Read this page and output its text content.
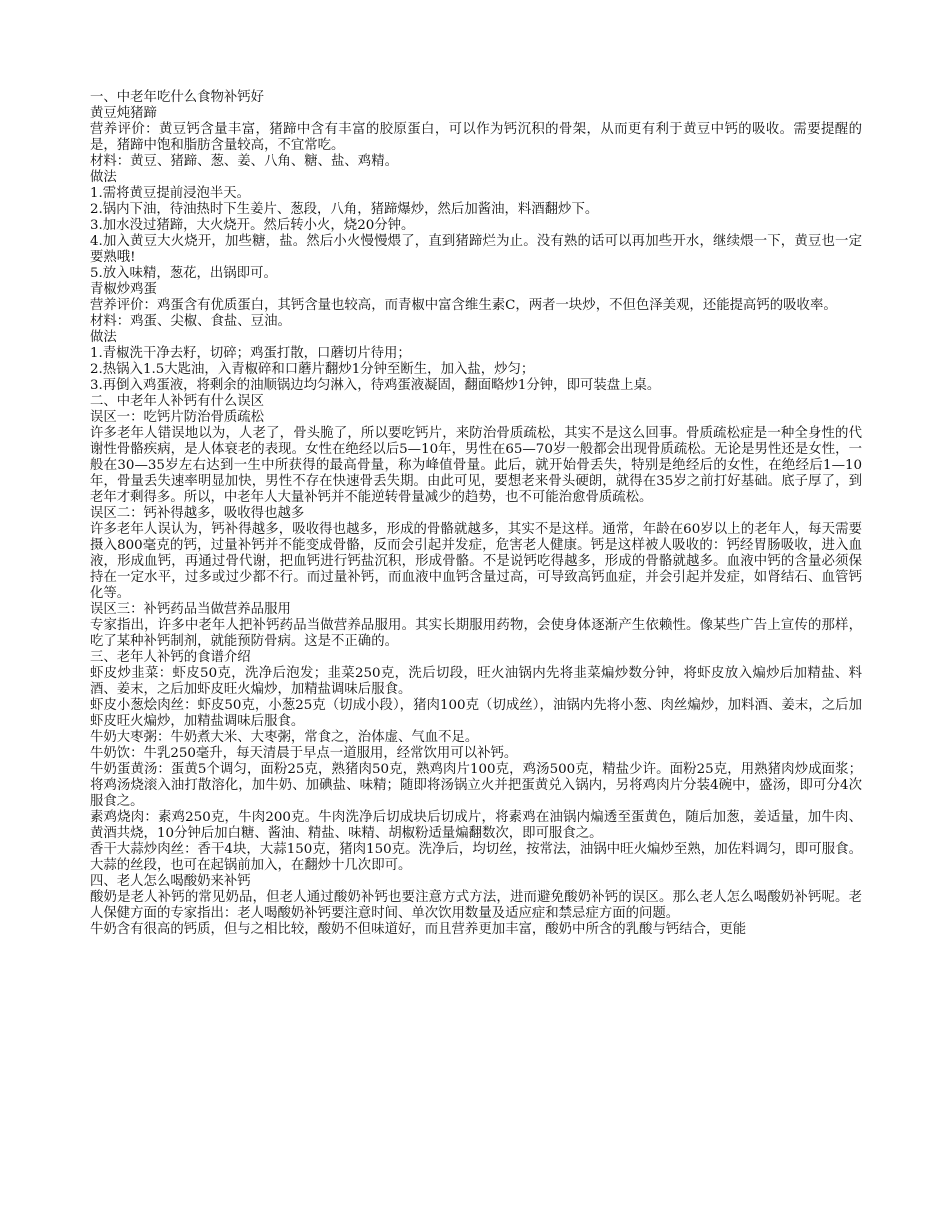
一、中老年吃什么食物补钙好

黄豆炖猪蹄

营养评价：黄豆钙含量丰富，猪蹄中含有丰富的胶原蛋白，可以作为钙沉积的骨架，从而更有利于黄豆中钙的吸收。需要提醒的是，猪蹄中饱和脂肪含量较高，不宜常吃。

材料：黄豆、猪蹄、葱、姜、八角、糖、盐、鸡精。

做法

1.需将黄豆提前浸泡半天。

2.锅内下油，待油热时下生姜片、葱段，八角，猪蹄爆炒，然后加酱油，料酒翻炒下。

3.加水没过猪蹄，大火烧开。然后转小火，烧20分钟。

4.加入黄豆大火烧开，加些糖，盐。然后小火慢慢煨了，直到猪蹄烂为止。没有熟的话可以再加些开水，继续煨一下，黄豆也一定要熟哦!

5.放入味精，葱花，出锅即可。

青椒炒鸡蛋

营养评价：鸡蛋含有优质蛋白，其钙含量也较高，而青椒中富含维生素C，两者一块炒，不但色泽美观，还能提高钙的吸收率。

材料：鸡蛋、尖椒、食盐、豆油。

做法

1.青椒洗干净去籽，切碎；鸡蛋打散，口蘑切片待用；

2.热锅入1.5大匙油，入青椒碎和口蘑片翻炒1分钟至断生，加入盐，炒匀；

3.再倒入鸡蛋液，将剩余的油顺锅边均匀淋入，待鸡蛋液凝固，翻面略炒1分钟，即可装盘上桌。

二、中老年人补钙有什么误区

误区一：吃钙片防治骨质疏松

许多老年人错误地以为，人老了，骨头脆了，所以要吃钙片，来防治骨质疏松，其实不是这么回事。骨质疏松症是一种全身性的代谢性骨骼疾病，是人体衰老的表现。女性在绝经以后5—10年，男性在65—70岁一般都会出现骨质疏松。无论是男性还是女性，一般在30—35岁左右达到一生中所获得的最高骨量，称为峰值骨量。此后，就开始骨丢失，特别是绝经后的女性，在绝经后1—10年，骨量丢失速率明显加快，男性不存在快速骨丢失期。由此可见，要想老来骨头硬朗，就得在35岁之前打好基础。底子厚了，到老年才剩得多。所以，中老年人大量补钙并不能逆转骨量减少的趋势，也不可能治愈骨质疏松。

误区二：钙补得越多，吸收得也越多

许多老年人误认为，钙补得越多，吸收得也越多，形成的骨骼就越多，其实不是这样。通常，年龄在60岁以上的老年人，每天需要摄入800毫克的钙，过量补钙并不能变成骨骼，反而会引起并发症，危害老人健康。钙是这样被人吸收的：钙经胃肠吸收，进入血液，形成血钙，再通过骨代谢，把血钙进行钙盐沉积，形成骨骼。不是说钙吃得越多，形成的骨骼就越多。血液中钙的含量必须保持在一定水平，过多或过少都不行。而过量补钙，而血液中血钙含量过高，可导致高钙血症，并会引起并发症，如肾结石、血管钙化等。

误区三：补钙药品当做营养品服用

专家指出，许多中老年人把补钙药品当做营养品服用。其实长期服用药物，会使身体逐渐产生依赖性。像某些广告上宣传的那样，吃了某种补钙制剂，就能预防骨病。这是不正确的。

三、老年人补钙的食谱介绍

虾皮炒韭菜：虾皮50克，洗净后泡发；韭菜250克，洗后切段，旺火油锅内先将韭菜煸炒数分钟，将虾皮放入煸炒后加精盐、料酒、姜末，之后加虾皮旺火煸炒，加精盐调味后服食。

虾皮小葱烩肉丝：虾皮50克，小葱25克（切成小段），猪肉100克（切成丝），油锅内先将小葱、肉丝煸炒，加料酒、姜末，之后加虾皮旺火煸炒，加精盐调味后服食。

牛奶大枣粥：牛奶煮大米、大枣粥，常食之，治体虚、气血不足。

牛奶饮：牛乳250毫升，每天清晨于早点一道服用，经常饮用可以补钙。

牛奶蛋黄汤：蛋黄5个调匀，面粉25克，熟猪肉50克，熟鸡肉片100克，鸡汤500克，精盐少许。面粉25克，用熟猪肉炒成面浆；将鸡汤烧滚入油打散溶化，加牛奶、加碘盐、味精；随即将汤锅立火并把蛋黄兑入锅内，另将鸡肉片分装4碗中，盛汤，即可分4次服食之。

素鸡烧肉：素鸡250克，牛肉200克。牛肉洗净后切成块后切成片，将素鸡在油锅内煸透至蛋黄色，随后加葱，姜适量，加牛肉、黄酒共烧，10分钟后加白糖、酱油、精盐、味精、胡椒粉适量煸翻数次，即可服食之。

香干大蒜炒肉丝：香干4块，大蒜150克，猪肉150克。洗净后，均切丝，按常法，油锅中旺火煸炒至熟，加佐料调匀，即可服食。大蒜的丝段，也可在起锅前加入，在翻炒十几次即可。

四、老人怎么喝酸奶来补钙

酸奶是老人补钙的常见奶品，但老人通过酸奶补钙也要注意方式方法，进而避免酸奶补钙的误区。那么老人怎么喝酸奶补钙呢。老人保健方面的专家指出：老人喝酸奶补钙要注意时间、单次饮用数量及适应症和禁忌症方面的问题。

牛奶含有很高的钙质，但与之相比较，酸奶不但味道好，而且营养更加丰富，酸奶中所含的乳酸与钙结合，更能
